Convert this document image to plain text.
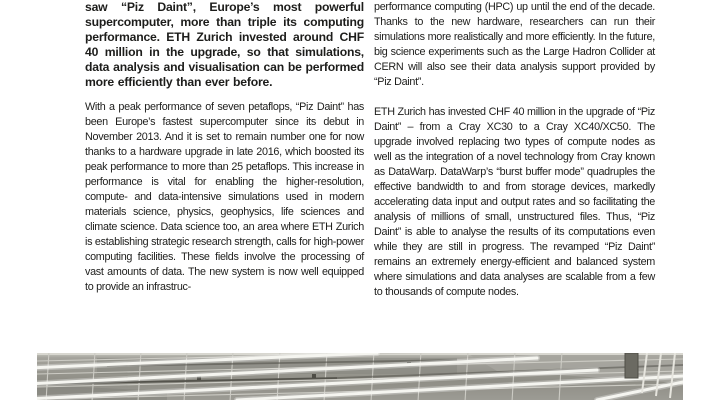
saw “Piz Daint”, Europe’s most powerful supercomputer, more than triple its computing performance. ETH Zurich invested around CHF 40 million in the upgrade, so that simulations, data analysis and visualisation can be performed more efficiently than ever before.

With a peak performance of seven petaflops, “Piz Daint” has been Europe’s fastest supercomputer since its debut in November 2013. And it is set to remain number one for now thanks to a hardware upgrade in late 2016, which boosted its peak performance to more than 25 petaflops. This increase in performance is vital for enabling the higher-resolution, compute- and data-intensive simulations used in modern materials science, physics, geophysics, life sciences and climate science. Data science too, an area where ETH Zurich is establishing strategic research strength, calls for high-power computing facilities. These fields involve the processing of vast amounts of data. The new system is now well equipped to provide an infrastruc-

performance computing (HPC) up until the end of the decade. Thanks to the new hardware, researchers can run their simulations more realistically and more efficiently. In the future, big science experiments such as the Large Hadron Collider at CERN will also see their data analysis support provided by “Piz Daint”.

ETH Zurich has invested CHF 40 million in the upgrade of “Piz Daint” – from a Cray XC30 to a Cray XC40/XC50. The upgrade involved replacing two types of compute nodes as well as the integration of a novel technology from Cray known as DataWarp. DataWarp’s “burst buffer mode” quadruples the effective bandwidth to and from storage devices, markedly accelerating data input and output rates and so facilitating the analysis of millions of small, unstructured files. Thus, “Piz Daint” is able to analyse the results of its computations even while they are still in progress. The revamped “Piz Daint” remains an extremely energy-efficient and balanced system where simulations and data analyses are scalable from a few to thousands of compute nodes.
